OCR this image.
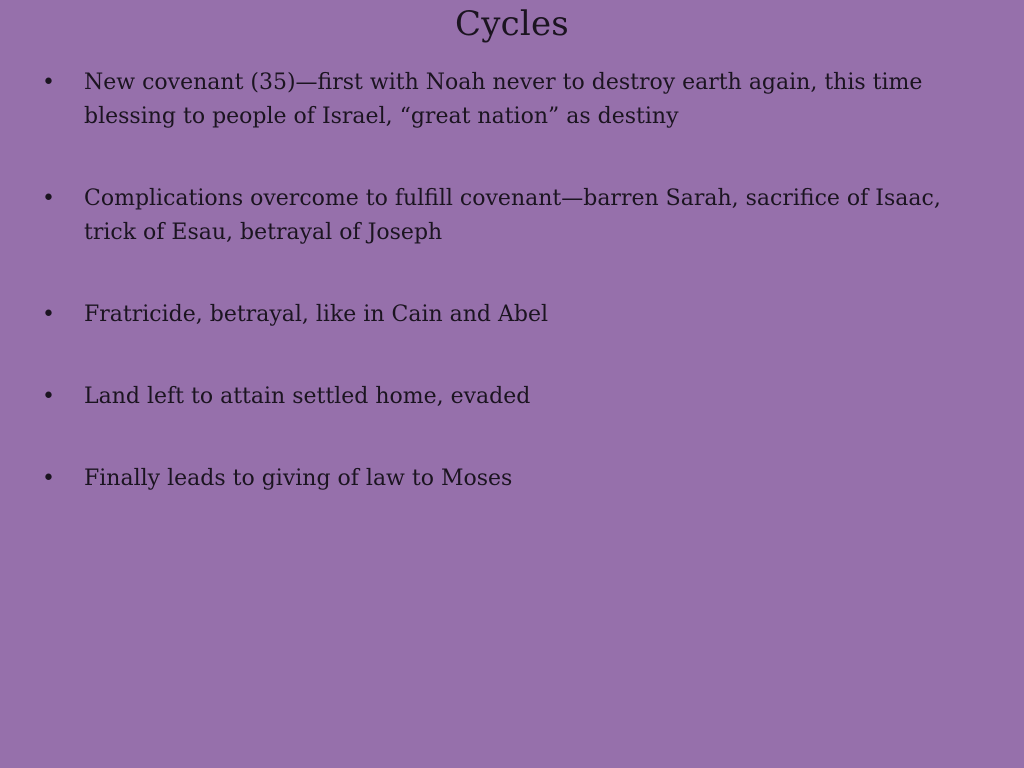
Cycles
•	New covenant (35)—first with Noah never to destroy earth again, this time blessing to people of Israel, “great nation” as destiny
•	Complications overcome to fulfill covenant—barren Sarah, sacrifice of Isaac, trick of Esau, betrayal of Joseph
•	Fratricide, betrayal, like in Cain and Abel
•	Land left to attain settled home, evaded
•	Finally leads to giving of law to Moses
